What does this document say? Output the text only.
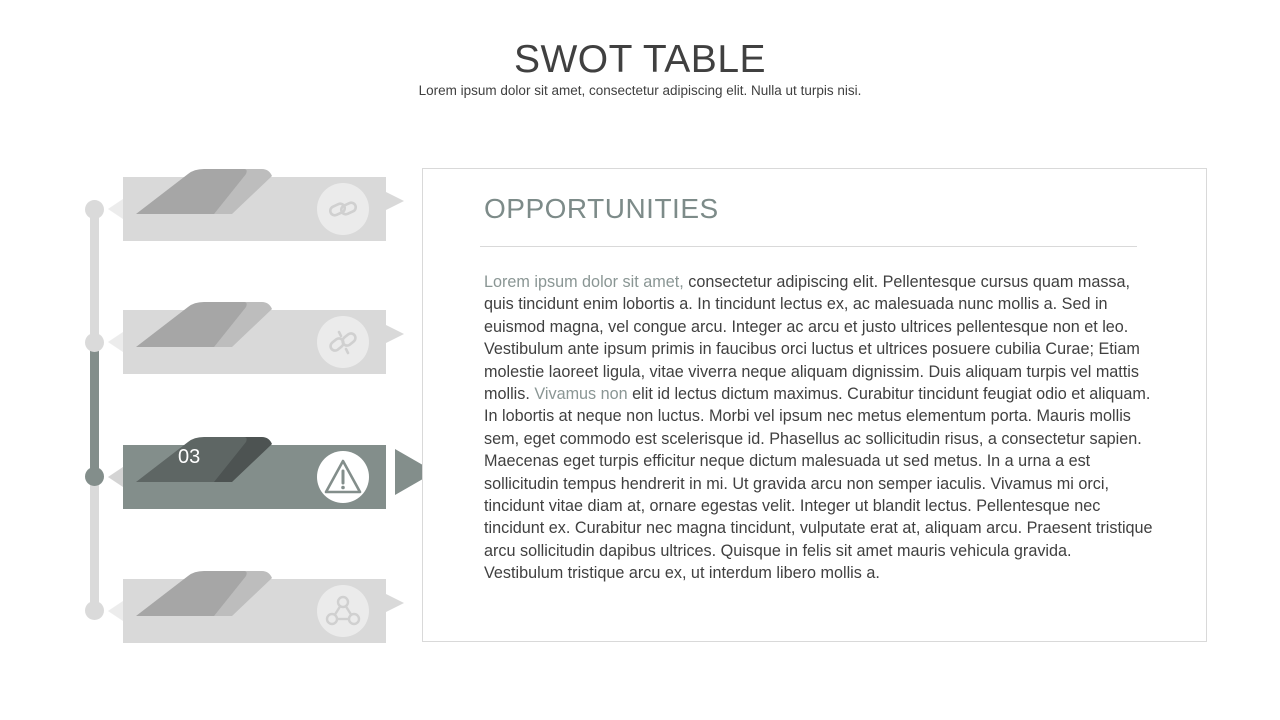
SWOT TABLE

Lorem ipsum dolor sit amet, consectetur adipiscing elit. Nulla ut turpis nisi.

03
OPPORTUNITIES

Lorem ipsum dolor sit amet, consectetur adipiscing elit. Pellentesque cursus quam massa, quis tincidunt enim lobortis a. In tincidunt lectus ex, ac malesuada nunc mollis a. Sed in euismod magna, vel congue arcu. Integer ac arcu et justo ultrices pellentesque non et leo. Vestibulum ante ipsum primis in faucibus orci luctus et ultrices posuere cubilia Curae; Etiam molestie laoreet ligula, vitae viverra neque aliquam dignissim. Duis aliquam turpis vel mattis mollis. Vivamus non elit id lectus dictum maximus. Curabitur tincidunt feugiat odio et aliquam. In lobortis at neque non luctus. Morbi vel ipsum nec metus elementum porta. Mauris mollis sem, eget commodo est scelerisque id. Phasellus ac sollicitudin risus, a consectetur sapien.

Maecenas eget turpis efficitur neque dictum malesuada ut sed metus. In a urna a est sollicitudin tempus hendrerit in mi. Ut gravida arcu non semper iaculis. Vivamus mi orci, tincidunt vitae diam at, ornare egestas velit. Integer ut blandit lectus. Pellentesque nec tincidunt ex. Curabitur nec magna tincidunt, vulputate erat at, aliquam arcu. Praesent tristique arcu sollicitudin dapibus ultrices. Quisque in felis sit amet mauris vehicula gravida. Vestibulum tristique arcu ex, ut interdum libero mollis a.
